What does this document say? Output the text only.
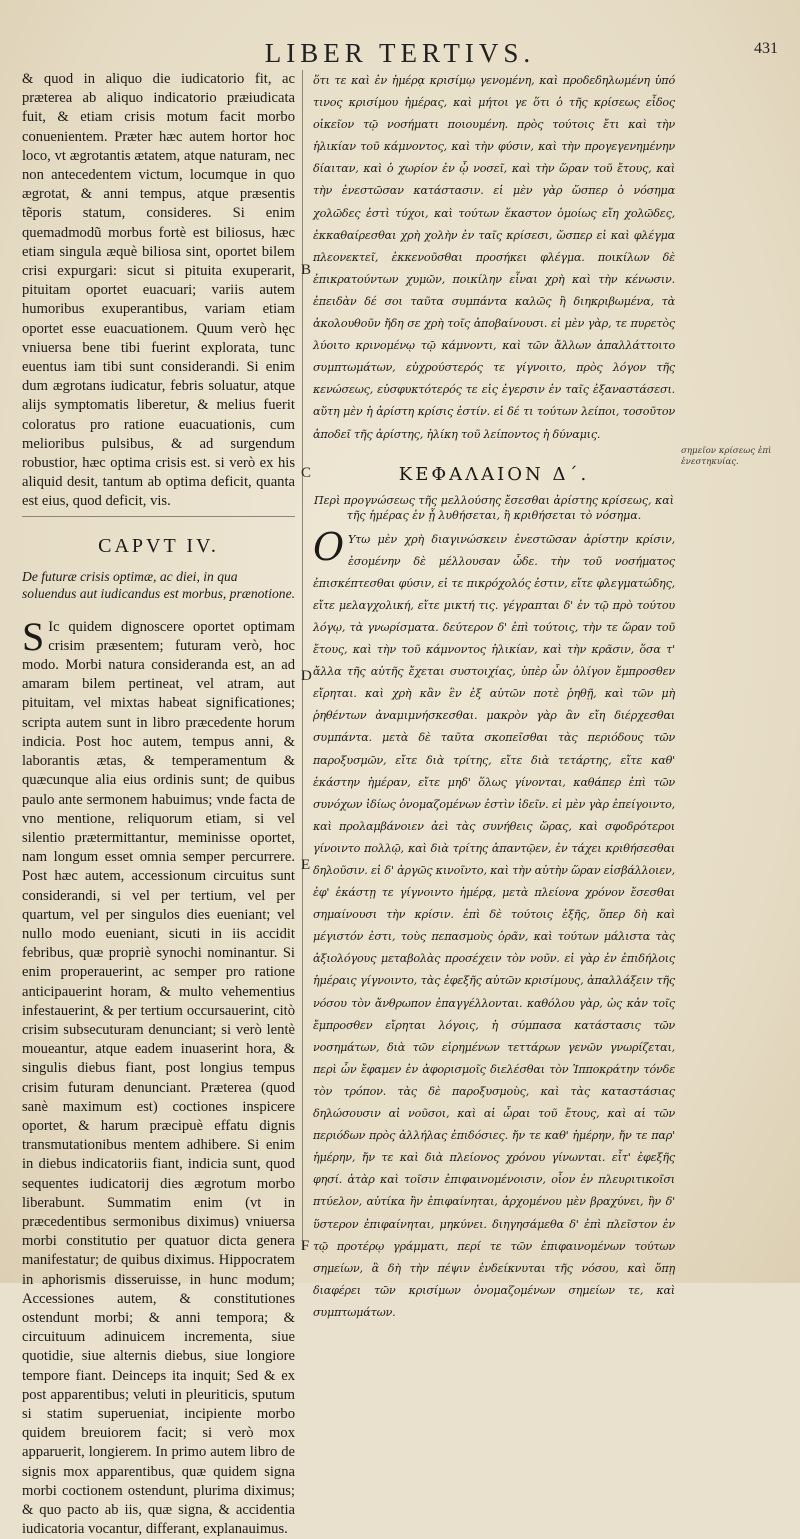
LIBER TERTIVS.	431

& quod in aliquo die iudicatorio fit, ac præterea ab aliquo indicatorio præiudicata fuit, & etiam crisis motum facit morbo conuenientem. Præter hæc autem hortor hoc loco, vt ægrotantis ætatem, atque naturam, nec non antecedentem victum, locumque in quo ægrotat, & anni tempus, atque præsentis tẽporis statum, consideres. Si enim quemadmodũ morbus fortè est biliosus, hæc etiam singula æquè biliosa sint, oportet bilem crisi expurgari: sicut si pituita exuperarit, pituitam oportet euacuari; variis autem humoribus exuperantibus, variam etiam oportet esse euacuationem. Quum verò hęc vniuersa bene tibi fuerint explorata, tunc euentus iam tibi sunt considerandi. Si enim dum ægrotans iudicatur, febris soluatur, atque alijs symptomatis liberetur, & melius fuerit coloratus pro ratione euacuationis, cum melioribus pulsibus, & ad surgendum robustior, hæc optima crisis est. si verò ex his aliquid desit, tantum ab optima deficit, quanta est eius, quod deficit, vis.

CAPVT IV.

De futuræ crisis optimæ, ac diei, in qua soluendus aut iudicandus est morbus, prænotione.

S Ic quidem dignoscere oportet optimam crisim præsentem; futuram verò, hoc modo. Morbi natura consideranda est, an ad amaram bilem pertineat, vel atram, aut pituitam, vel mixtas habeat significationes; scripta autem sunt in libro præcedente horum indicia. Post hoc autem, tempus anni, & laborantis ætas, & temperamentum & quæcunque alia eius ordinis sunt; de quibus paulo ante sermonem habuimus; vnde facta de vno mentione, reliquorum etiam, si vel silentio prætermittantur, meminisse oportet, nam longum esset omnia semper percurrere. Post hæc autem, accessionum circuitus sunt considerandi, si vel per tertium, vel per quartum, vel per singulos dies eueniant; vel nullo modo eueniant, sicuti in iis accidit febribus, quæ propriè synochi nominantur. Si enim properauerint, ac semper pro ratione anticipauerint horam, & multo vehementius infestauerint, & per tertium occursauerint, citò crisim subsecuturam denunciant; si verò lentè moueantur, atque eadem inuaserint hora, & singulis diebus fiant, post longius tempus crisim futuram denunciant. Præterea (quod sanè maximum est) coctiones inspicere oportet, & harum præcipuè effatu dignis transmutationibus mentem adhibere. Si enim in diebus indicatoriis fiant, indicia sunt, quod sequentes iudicatorij dies ægrotum morbo liberabunt. Summatim enim (vt in præcedentibus sermonibus diximus) vniuersa morbi constitutio per quatuor dicta genera manifestatur; de quibus diximus. Hippocratem in aphorismis disseruisse, in hunc modum; Accessiones autem, & constitutiones ostendunt morbi; & anni tempora; & circuituum adinuicem incrementa, siue quotidie, siue alternis diebus, siue longiore tempore fiant. Deinceps ita inquit; Sed & ex post apparentibus; veluti in pleuriticis, sputum si statim superueniat, incipiente morbo quidem breuiorem facit; si verò mox apparuerit, longierem. In primo autem libro de signis mox apparentibus, quæ quidem signa morbi coctionem ostendunt, plurima diximus; & quo pacto ab iis, quæ signa, & accidentia iudicatoria vocantur, differant, explanauimus.

B
C
D
E
F

ὅτι τε καὶ ἐν ἡμέρᾳ κρισίμῳ γενομένη, καὶ προδεδηλωμένη ὑπό τινος κρισίμου ἡμέρας, καὶ μήτοι γε ὅτι ὁ τῆς κρίσεως εἶδος οἰκεῖον τῷ νοσήματι ποιουμένη. πρὸς τούτοις ἔτι καὶ τὴν ἡλικίαν τοῦ κάμνοντος, καὶ τὴν φύσιν, καὶ τὴν προγεγενημένην δίαιταν, καὶ ὁ χωρίον ἐν ᾧ νοσεῖ, καὶ τὴν ὥραν τοῦ ἔτους, καὶ τὴν ἐνεστῶσαν κατάστασιν. εἰ μὲν γὰρ ὥσπερ ὁ νόσημα χολῶδες ἐστὶ τύχοι, καὶ τούτων ἕκαστον ὁμοίως εἴη χολῶδες, ἐκκαθαίρεσθαι χρὴ χολὴν ἐν ταῖς κρίσεσι, ὥσπερ εἰ καὶ φλέγμα πλεονεκτεῖ, ἐκκενοῦσθαι προσήκει φλέγμα. ποικίλων δὲ ἐπικρατούντων χυμῶν, ποικίλην εἶναι χρὴ καὶ τὴν κένωσιν. ἐπειδὰν δέ σοι ταῦτα συμπάντα καλῶς ἢ διηκριβωμένα, τὰ ἀκολουθοῦν ἤδη σε χρὴ τοῖς ἀποβαίνουσι. εἰ μὲν γὰρ, τε πυρετὸς λύοιτο κρινομένῳ τῷ κάμνοντι, καὶ τῶν ἄλλων ἀπαλλάττοιτο συμπτωμάτων, εὐχρούστερός τε γίγνοιτο, πρὸς λόγον τῆς κενώσεως, εὐσφυκτότερός τε εἰς ἐγερσιν ἐν ταῖς ἐξαναστάσεσι. αὕτη μὲν ἡ ἀρίστη κρίσις ἐστίν. εἰ δέ τι τούτων λείποι, τοσοῦτον ἀποδεῖ τῆς ἀρίστης, ἡλίκη τοῦ λείποντος ἡ δύναμις.

ΚΕΦΑΛΑΙΟΝ Δ΄.

Περὶ προγνώσεως τῆς μελλούσης ἔσεσθαι ἀρίστης κρίσεως, καὶ τῆς ἡμέρας ἐν ᾗ λυθήσεται, ἢ κριθήσεται τὸ νόσημα.

Ο Υτω μὲν χρὴ διαγινώσκειν ἐνεστῶσαν ἀρίστην κρίσιν, ἐσομένην δὲ μέλλουσαν ὧδε. τὴν τοῦ νοσήματος ἐπισκέπτεσθαι φύσιν, εἰ τε πικρόχολός ἐστιν, εἴτε φλεγματώδης, εἴτε μελαγχολική, εἴτε μικτή τις. γέγραπται δ' ἐν τῷ πρὸ τούτου λόγῳ, τὰ γνωρίσματα. δεύτερον δ' ἐπὶ τούτοις, τὴν τε ὥραν τοῦ ἔτους, καὶ τὴν τοῦ κάμνοντος ἡλικίαν, καὶ τὴν κρᾶσιν, ὅσα τ' ἄλλα τῆς αὐτῆς ἔχεται συστοιχίας, ὑπὲρ ὧν ὀλίγον ἔμπροσθεν εἴρηται. καὶ χρὴ κἂν ἓν ἐξ αὐτῶν ποτὲ ῥηθῇ, καὶ τῶν μὴ ῥηθέντων ἀναμιμνήσκεσθαι. μακρὸν γὰρ ἂν εἴη διέρχεσθαι συμπάντα. μετὰ δὲ ταῦτα σκοπεῖσθαι τὰς περιόδους τῶν παροξυσμῶν, εἴτε διὰ τρίτης, εἴτε διὰ τετάρτης, εἴτε καθ' ἑκάστην ἡμέραν, εἴτε μηδ' ὅλως γίνονται, καθάπερ ἐπὶ τῶν συνόχων ἰδίως ὀνομαζομένων ἐστὶν ἰδεῖν. εἰ μὲν γὰρ ἐπείγοιντο, καὶ προλαμβάνοιεν ἀεὶ τὰς συνήθεις ὥρας, καὶ σφοδρότεροι γίνοιντο πολλῷ, καὶ διὰ τρίτης ἀπαντῷεν, ἐν τάχει κριθήσεσθαι δηλοῦσιν. εἰ δ' ἀργῶς κινοῖντο, καὶ τὴν αὐτὴν ὥραν εἰσβάλλοιεν, ἐφ' ἑκάστῃ τε γίγνοιντο ἡμέρᾳ, μετὰ πλείονα χρόνον ἔσεσθαι σημαίνουσι τὴν κρίσιν. ἐπὶ δὲ τούτοις ἑξῆς, ὅπερ δὴ καὶ μέγιστόν ἐστι, τοὺς πεπασμοὺς ὁρᾶν, καὶ τούτων μάλιστα τὰς ἀξιολόγους μεταβολὰς προσέχειν τὸν νοῦν. εἰ γὰρ ἐν ἐπιδήλοις ἡμέραις γίγνοιντο, τὰς ἐφεξῆς αὐτῶν κρισίμους, ἀπαλλάξειν τῆς νόσου τὸν ἄνθρωπον ἐπαγγέλλονται. καθόλου γὰρ, ὡς κἀν τοῖς ἔμπροσθεν εἴρηται λόγοις, ἡ σύμπασα κατάστασις τῶν νοσημάτων, διὰ τῶν εἰρημένων τεττάρων γενῶν γνωρίζεται, περὶ ὧν ἔφαμεν ἐν ἀφορισμοῖς διελέσθαι τὸν Ἱπποκράτην τόνδε τὸν τρόπον. τὰς δὲ παροξυσμοὺς, καὶ τὰς καταστάσιας δηλώσουσιν αἱ νοῦσοι, καὶ αἱ ὧραι τοῦ ἔτους, καὶ αἱ τῶν περιόδων πρὸς ἀλλήλας ἐπιδόσιες. ἤν τε καθ' ἡμέρην, ἤν τε παρ' ἡμέρην, ἤν τε καὶ διὰ πλείονος χρόνου γίνωνται. εἶτ' ἐφεξῆς φησί. ἀτὰρ καὶ τοῖσιν ἐπιφαινομένοισιν, οἷον ἐν πλευριτικοῖσι πτύελον, αὐτίκα ἢν ἐπιφαίνηται, ἀρχομένου μὲν βραχύνει, ἢν δ' ὕστερον ἐπιφαίνηται, μηκύνει. διηγησάμεθα δ' ἐπὶ πλεῖστον ἐν τῷ προτέρῳ γράμματι, περί τε τῶν ἐπιφαινομένων τούτων σημείων, ἃ δὴ τὴν πέψιν ἐνδείκνυται τῆς νόσου, καὶ ὅπῃ διαφέρει τῶν κρισίμων ὀνομαζομένων σημείων τε, καὶ συμπτωμάτων.

σημεῖον κρίσεως ἐπὶ ἐνεστηκυίας.
